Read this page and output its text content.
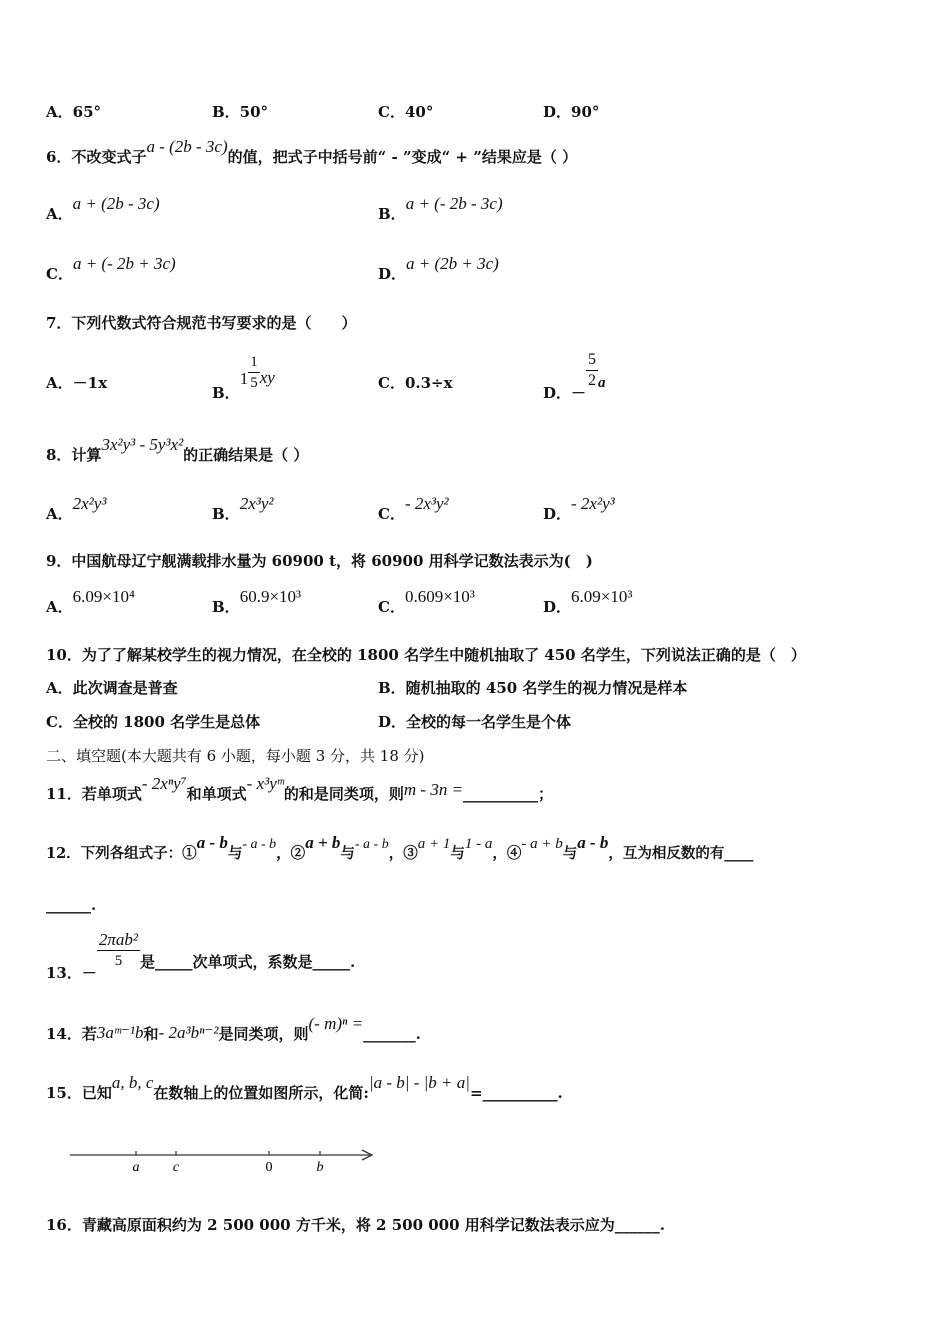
A．65°	B．50°	C．40°	D．90°
6．不改变式子a - (2b - 3c)的值，把式子中括号前“ - ”变成“ + ”结果应是（ ）
A．a + (2b - 3c)
B．a + (- 2b - 3c)
C．a + (- 2b + 3c)
D．a + (2b + 3c)
7．下列代数式符合规范书写要求的是（　　）
A．－1x
B．$1 \frac{1}{5}$ xy
D．－
$\frac{5}{2}$ a
C．0.3÷x
8．计算3x²y³ - 5y³x²的正确结果是（ ）
A．2x²y³
B．2x³y²
C．- 2x³y²
D．- 2x²y³
9．中国航母辽宁舰满载排水量为 60900 t，将 60900 用科学记数法表示为(　)
A．6.09×10⁴
B．60.9×10³
C．0.609×10³
D．6.09×10³
10．为了了解某校学生的视力情况，在全校的 1800 名学生中随机抽取了 450 名学生，下列说法正确的是（　）
A．此次调查是普查	B．随机抽取的 450 名学生的视力情况是样本
C．全校的 1800 名学生是总体	D．全校的每一名学生是个体
二、填空题(本大题共有 6 小题，每小题 3 分，共 18 分)
11．若单项式- 2xⁿy⁷和单项式- x³yᵐ的和是同类项，则m - 3n =__________；
12．下列各组式子：①a - b与- a - b，②a + b与- a - b，③a + 1与1 - a，④- a + b与a - b，互为相反数的有____
______.
13．－
$\frac{\text{2πab²}}{5}$ 是_____次单项式，系数是_____.
14．若3aᵐ⁻¹b和- 2a³bⁿ⁻²是同类项，则(- m)ⁿ =_______.
15．已知a, b, c在数轴上的位置如图所示，化简:|a - b| - |b + a|=__________.
a c	0	b
16．青藏高原面积约为 2 500 000 方千米，将 2 500 000 用科学记数法表示应为______.
